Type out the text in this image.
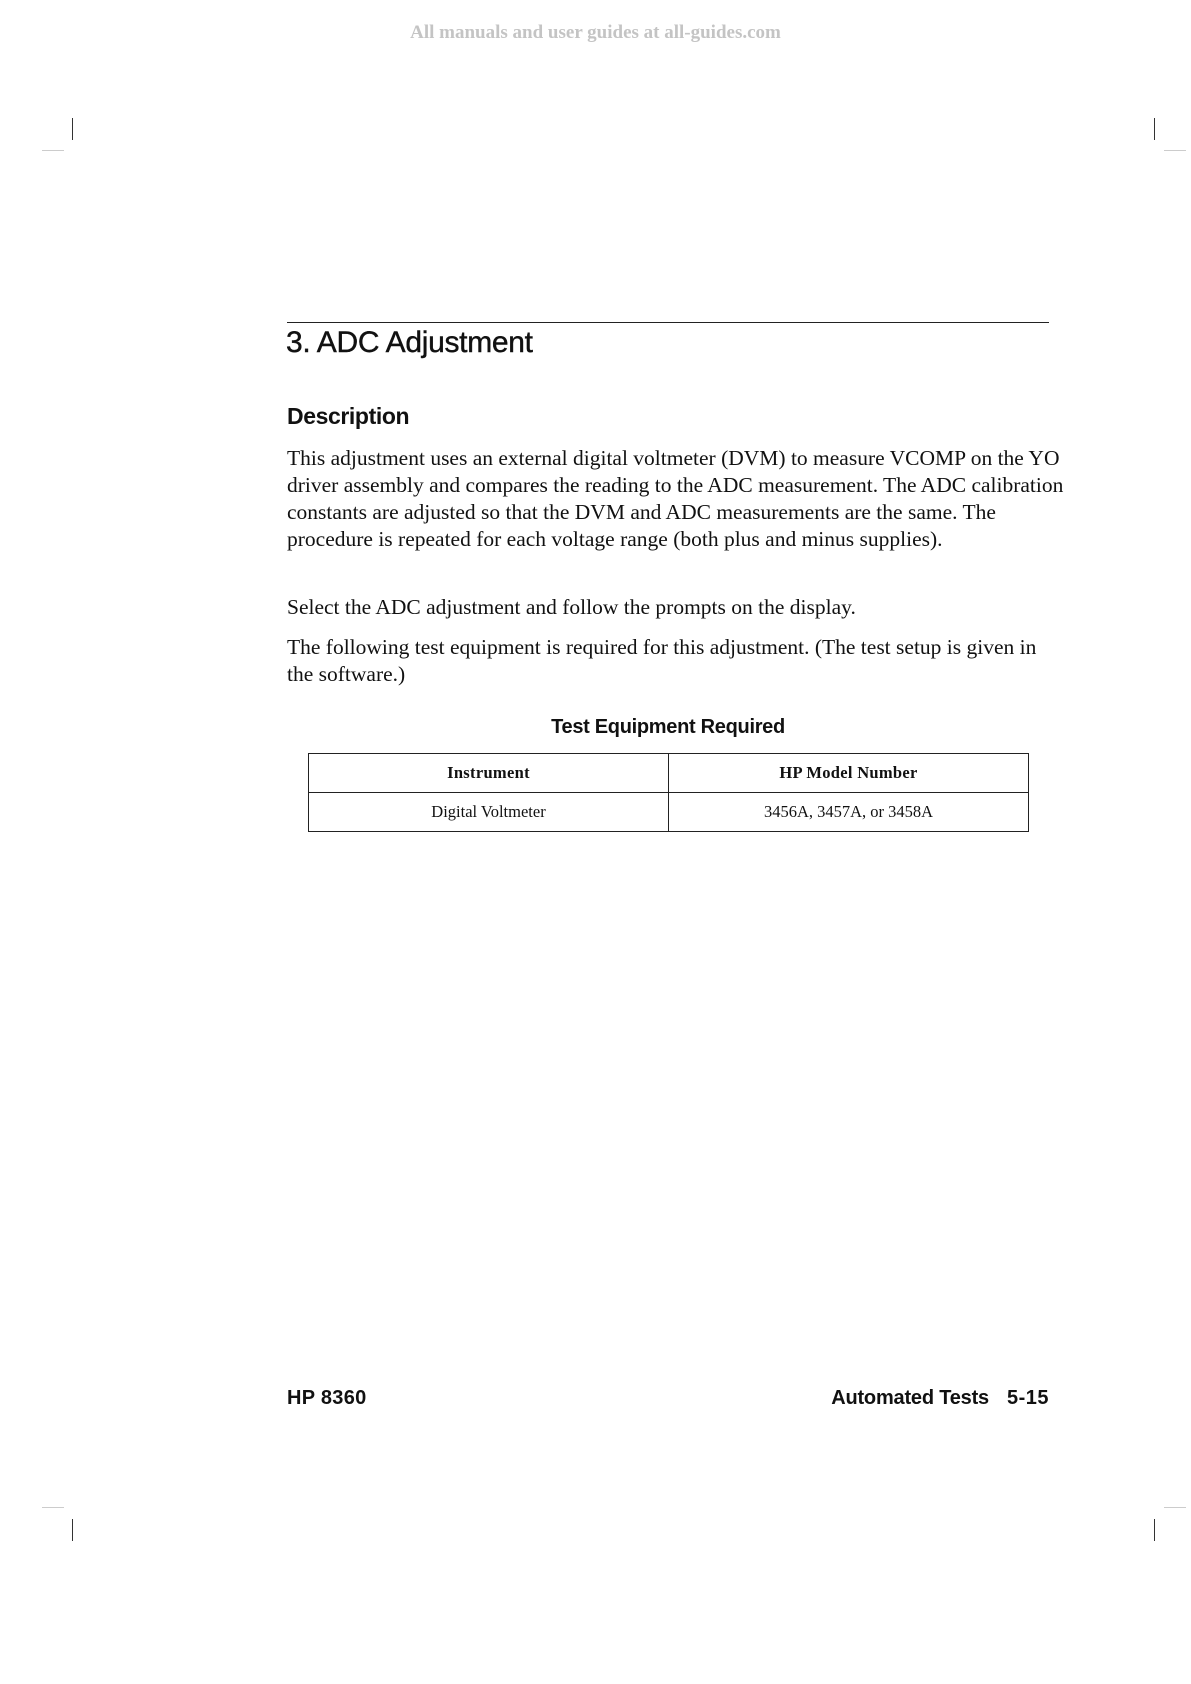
All manuals and user guides at all-guides.com
3. ADC Adjustment
Description

This adjustment uses an external digital voltmeter (DVM) to measure VCOMP on the YO driver assembly and compares the reading to the ADC measurement. The ADC calibration constants are adjusted so that the DVM and ADC measurements are the same. The procedure is repeated for each voltage range (both plus and minus supplies).

Select the ADC adjustment and follow the prompts on the display.

The following test equipment is required for this adjustment. (The test setup is given in the software.)

Test Equipment Required
Instrument	HP Model Number
Digital Voltmeter	3456A, 3457A, or 3458A
HP 8360	Automated Tests 5-15
